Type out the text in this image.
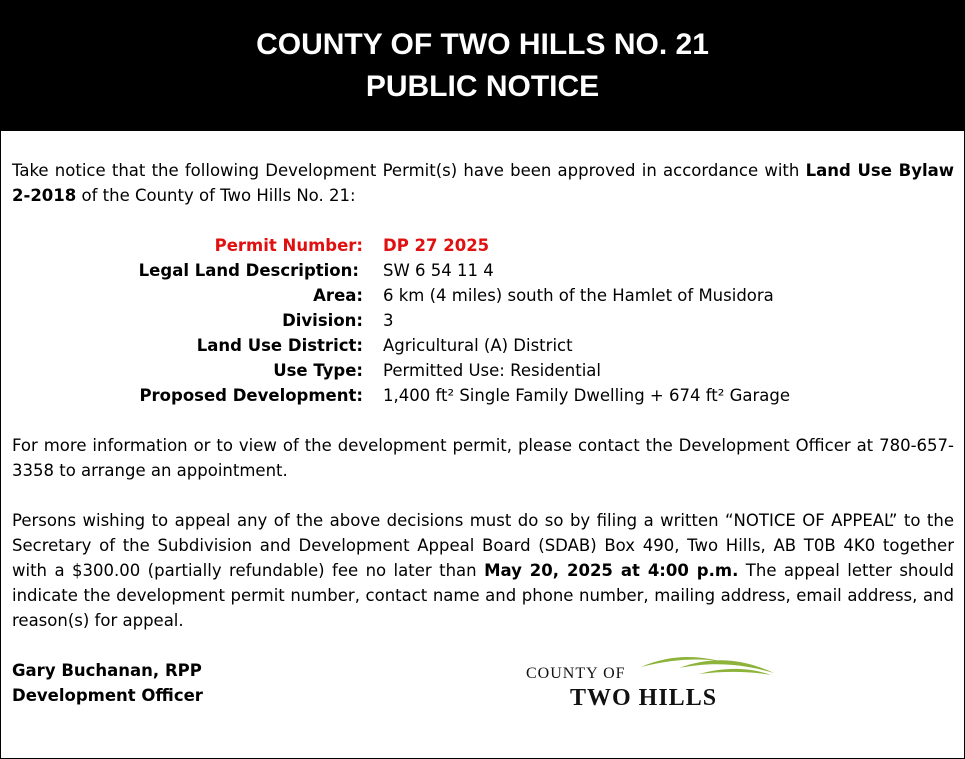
COUNTY OF TWO HILLS NO. 21
PUBLIC NOTICE
Take notice that the following Development Permit(s) have been approved in accordance with Land Use Bylaw 2-2018 of the County of Two Hills No. 21:
Permit Number:	DP 27 2025
Legal Land Description:	SW 6 54 11 4
Area:	6 km (4 miles) south of the Hamlet of Musidora
Division:	3
Land Use District:	Agricultural (A) District
Use Type:	Permitted Use: Residential
Proposed Development:	1,400 ft² Single Family Dwelling + 674 ft² Garage
For more information or to view of the development permit, please contact the Development Officer at 780-657-3358 to arrange an appointment.
Persons wishing to appeal any of the above decisions must do so by filing a written “NOTICE OF APPEAL” to the Secretary of the Subdivision and Development Appeal Board (SDAB) Box 490, Two Hills, AB T0B 4K0 together with a $300.00 (partially refundable) fee no later than May 20, 2025 at 4:00 p.m. The appeal letter should indicate the development permit number, contact name and phone number, mailing address, email address, and reason(s) for appeal.
Gary Buchanan, RPP
Development Officer
COUNTY OF
TWO HILLS
